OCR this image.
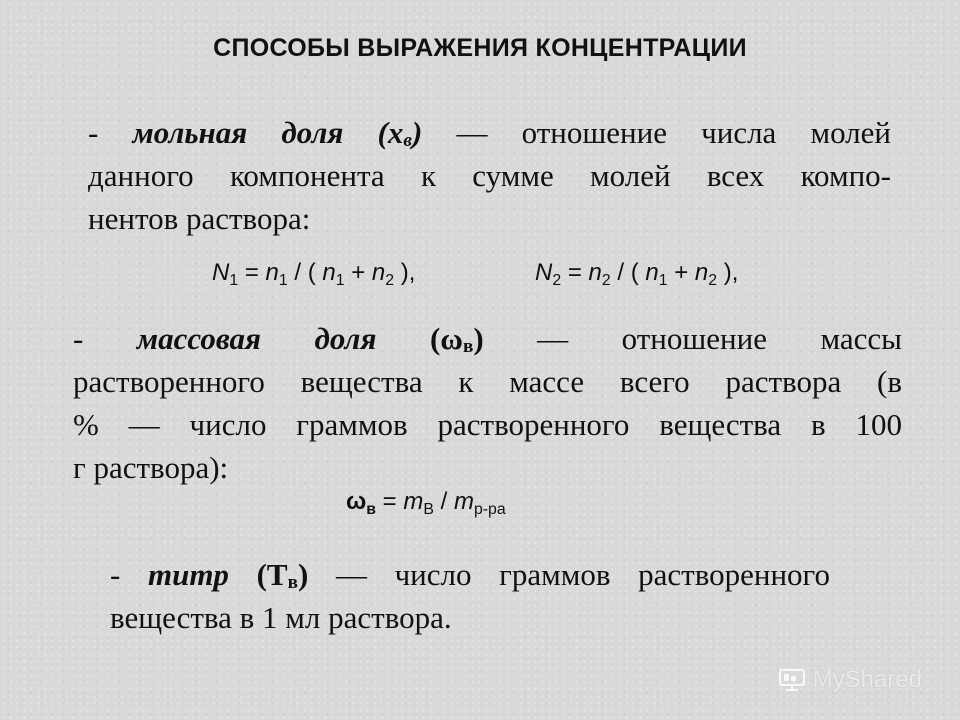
СПОСОБЫ ВЫРАЖЕНИЯ КОНЦЕНТРАЦИИ
- мольная доля $(х_в)$ — отношение числа молей
данного компонента к сумме молей всех компо-
нентов раствора:
$N_1 = n_1$ / ( $n_1 + n_2$ ),	$N_2 = n_2$ / ( $n_1 + n_2$ ),
- массовая доля $(\omega_в)$ — отношение массы
растворенного вещества к массе всего раствора (в
% — число граммов растворенного вещества в 100
г раствора):
$\omega_в = m_В / m_{р-ра}$
- титр $(Т_в)$ — число граммов растворенного
вещества в 1 мл раствора.
MyShared
